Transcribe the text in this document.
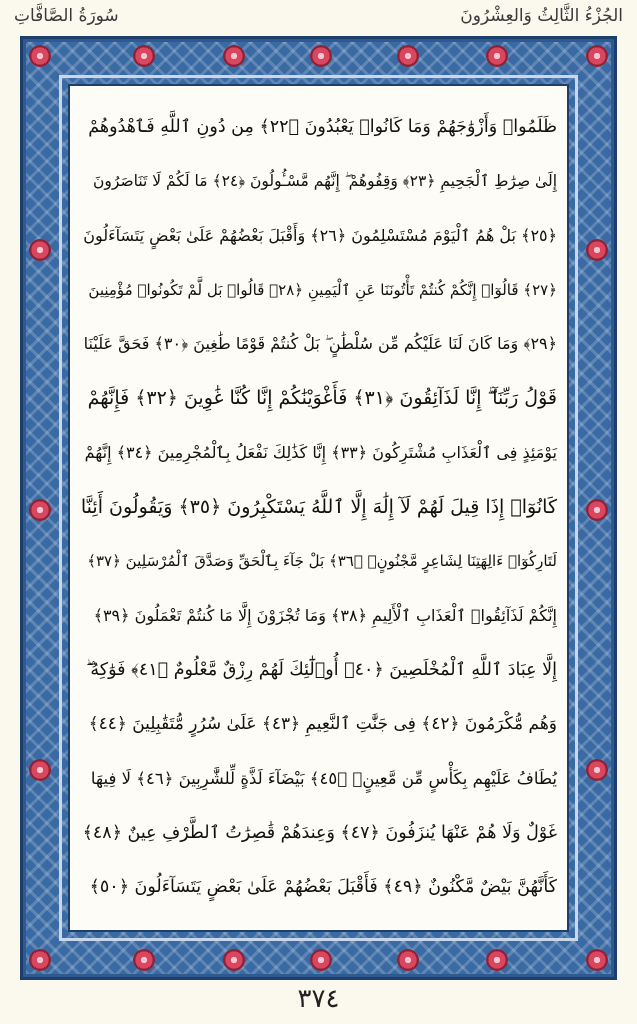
سُورَةُ الصَّافَّاتِ	الجُزْءُ الثَّالِثُ وَالعِشْرُونَ
ظَلَمُوا۟ وَأَزْوَٰجَهُمْ وَمَا كَانُوا۟ يَعْبُدُونَ ﴿٢٢﴾ مِن دُونِ ٱللَّهِ فَٱهْدُوهُمْ
إِلَىٰ صِرَٰطِ ٱلْجَحِيمِ ﴿٢٣﴾ وَقِفُوهُمْ ۖ إِنَّهُم مَّسْـُٔولُونَ ﴿٢٤﴾ مَا لَكُمْ لَا تَنَاصَرُونَ
﴿٢٥﴾ بَلْ هُمُ ٱلْيَوْمَ مُسْتَسْلِمُونَ ﴿٢٦﴾ وَأَقْبَلَ بَعْضُهُمْ عَلَىٰ بَعْضٍ يَتَسَآءَلُونَ
﴿٢٧﴾ قَالُوٓا۟ إِنَّكُمْ كُنتُمْ تَأْتُونَنَا عَنِ ٱلْيَمِينِ ﴿٢٨﴾ قَالُوا۟ بَل لَّمْ تَكُونُوا۟ مُؤْمِنِينَ
﴿٢٩﴾ وَمَا كَانَ لَنَا عَلَيْكُم مِّن سُلْطَٰنٍ ۖ بَلْ كُنتُمْ قَوْمًا طَٰغِينَ ﴿٣٠﴾ فَحَقَّ عَلَيْنَا
قَوْلُ رَبِّنَآ ۖ إِنَّا لَذَآئِقُونَ ﴿٣١﴾ فَأَغْوَيْنَٰكُمْ إِنَّا كُنَّا غَٰوِينَ ﴿٣٢﴾ فَإِنَّهُمْ
يَوْمَئِذٍ فِى ٱلْعَذَابِ مُشْتَرِكُونَ ﴿٣٣﴾ إِنَّا كَذَٰلِكَ نَفْعَلُ بِٱلْمُجْرِمِينَ ﴿٣٤﴾ إِنَّهُمْ
كَانُوٓا۟ إِذَا قِيلَ لَهُمْ لَآ إِلَٰهَ إِلَّا ٱللَّهُ يَسْتَكْبِرُونَ ﴿٣٥﴾ وَيَقُولُونَ أَئِنَّا
لَتَارِكُوٓا۟ ءَالِهَتِنَا لِشَاعِرٍ مَّجْنُونٍۭ ﴿٣٦﴾ بَلْ جَآءَ بِٱلْحَقِّ وَصَدَّقَ ٱلْمُرْسَلِينَ ﴿٣٧﴾
إِنَّكُمْ لَذَآئِقُوا۟ ٱلْعَذَابِ ٱلْأَلِيمِ ﴿٣٨﴾ وَمَا تُجْزَوْنَ إِلَّا مَا كُنتُمْ تَعْمَلُونَ ﴿٣٩﴾
إِلَّا عِبَادَ ٱللَّهِ ٱلْمُخْلَصِينَ ﴿٤٠﴾ أُو۟لَٰٓئِكَ لَهُمْ رِزْقٌ مَّعْلُومٌ ﴿٤١﴾ فَوَٰكِهُ ۖ
وَهُم مُّكْرَمُونَ ﴿٤٢﴾ فِى جَنَّٰتِ ٱلنَّعِيمِ ﴿٤٣﴾ عَلَىٰ سُرُرٍ مُّتَقَٰبِلِينَ ﴿٤٤﴾
يُطَافُ عَلَيْهِم بِكَأْسٍ مِّن مَّعِينٍۭ ﴿٤٥﴾ بَيْضَآءَ لَذَّةٍ لِّلشَّٰرِبِينَ ﴿٤٦﴾ لَا فِيهَا
غَوْلٌ وَلَا هُمْ عَنْهَا يُنزَفُونَ ﴿٤٧﴾ وَعِندَهُمْ قَٰصِرَٰتُ ٱلطَّرْفِ عِينٌ ﴿٤٨﴾
كَأَنَّهُنَّ بَيْضٌ مَّكْنُونٌ ﴿٤٩﴾ فَأَقْبَلَ بَعْضُهُمْ عَلَىٰ بَعْضٍ يَتَسَآءَلُونَ ﴿٥٠﴾
٣٧٤
